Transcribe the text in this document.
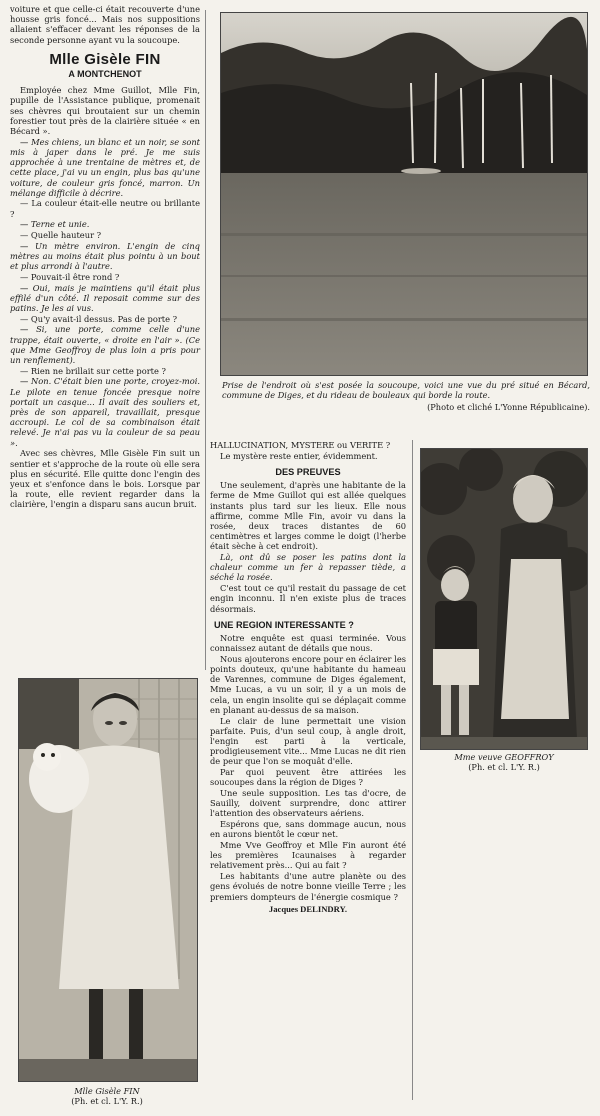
voiture et que celle-ci était recouverte d'une housse gris foncé... Mais nos suppositions allaient s'effacer devant les réponses de la seconde personne ayant vu la soucoupe.

Mlle Gisèle FIN
A MONTCHENOT

Employée chez Mme Guillot, Mlle Fin, pupille de l'Assistance publique, promenait ses chèvres qui broutaient sur un chemin forestier tout près de la clairière située « en Bécard ».

— Mes chiens, un blanc et un noir, se sont mis à japer dans le pré. Je me suis approchée à une trentaine de mètres et, de cette place, j'ai vu un engin, plus bas qu'une voiture, de couleur gris foncé, marron. Un mélange difficile à décrire.

— La couleur était-elle neutre ou brillante ?

— Terne et unie.

— Quelle hauteur ?

— Un mètre environ. L'engin de cinq mètres au moins était plus pointu à un bout et plus arrondi à l'autre.

— Pouvait-il être rond ?

— Oui, mais je maintiens qu'il était plus effilé d'un côté. Il reposait comme sur des patins. Je les ai vus.

— Qu'y avait-il dessus. Pas de porte ?

— Si, une porte, comme celle d'une trappe, était ouverte, « droite en l'air ». (Ce que Mme Geoffroy de plus loin a pris pour un renflement).

— Rien ne brillait sur cette porte ?

— Non. C'était bien une porte, croyez-moi. Le pilote en tenue foncée presque noire portait un casque... Il avait des souliers et, près de son appareil, travaillait, presque accroupi. Le col de sa combinaison était relevé. Je n'ai pas vu la couleur de sa peau ».

Avec ses chèvres, Mlle Gisèle Fin suit un sentier et s'approche de la route où elle sera plus en sécurité. Elle quitte donc l'engin des yeux et s'enfonce dans le bois. Lorsque par la route, elle revient regarder dans la clairière, l'engin a disparu sans aucun bruit.

Prise de l'endroit où s'est posée la soucoupe, voici une vue du pré situé en Bécard, commune de Diges, et du rideau de bouleaux qui borde la route.
(Photo et cliché L'Yonne Républicaine).

HALLUCINATION, MYSTERE ou VERITE ?

Le mystère reste entier, évidemment.

DES PREUVES

Une seulement, d'après une habitante de la ferme de Mme Guillot qui est allée quelques instants plus tard sur les lieux. Elle nous affirme, comme Mlle Fin, avoir vu dans la rosée, deux traces distantes de 60 centimètres et larges comme le doigt (l'herbe était sèche à cet endroit).

Là, ont dû se poser les patins dont la chaleur comme un fer à repasser tiède, a séché la rosée.

C'est tout ce qu'il restait du passage de cet engin inconnu. Il n'en existe plus de traces désormais.

UNE REGION INTERESSANTE ?

Notre enquête est quasi terminée. Vous connaissez autant de détails que nous.

Nous ajouterons encore pour en éclairer les points douteux, qu'une habitante du hameau de Varennes, commune de Diges également, Mme Lucas, a vu un soir, il y a un mois de cela, un engin insolite qui se déplaçait comme en planant au-dessus de sa maison.

Le clair de lune permettait une vision parfaite. Puis, d'un seul coup, à angle droit, l'engin est parti à la verticale, prodigieusement vite... Mme Lucas ne dit rien de peur que l'on se moquât d'elle.

Par quoi peuvent être attirées les soucoupes dans la région de Diges ?

Une seule supposition. Les tas d'ocre, de Sauilly, doivent surprendre, donc attirer l'attention des observateurs aériens.

Espérons que, sans dommage aucun, nous en aurons bientôt le cœur net.

Mme Vve Geoffroy et Mlle Fin auront été les premières Icaunaises à regarder relativement près... Qui au fait ?

Les habitants d'une autre planète ou des gens évolués de notre bonne vieille Terre ; les premiers dompteurs de l'énergie cosmique ?

Jacques DELINDRY.
Mme veuve GEOFFROY
(Ph. et cl. L'Y. R.)
Mlle Gisèle FIN
(Ph. et cl. L'Y. R.)
